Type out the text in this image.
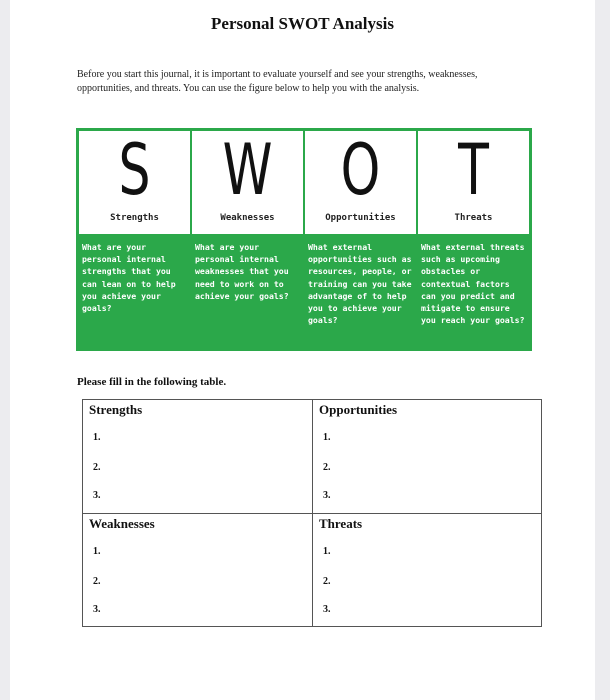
Personal SWOT Analysis
Before you start this journal, it is important to evaluate yourself and see your strengths, weaknesses, opportunities, and threats. You can use the figure below to help you with the analysis.
S
Strengths
What are your personal internal strengths that you can lean on to help you achieve your goals?
W
Weaknesses
What are your personal internal weaknesses that you need to work on to achieve your goals?
O
Opportunities
What external opportunities such as resources, people, or training can you take advantage of to help you to achieve your goals?
T
Threats
What external threats such as upcoming obstacles or contextual factors can you predict and mitigate to ensure you reach your goals?
Please fill in the following table.
Strengths
1.
2.
3.
Opportunities
1.
2.
3.
Weaknesses
1.
2.
3.
Threats
1.
2.
3.
